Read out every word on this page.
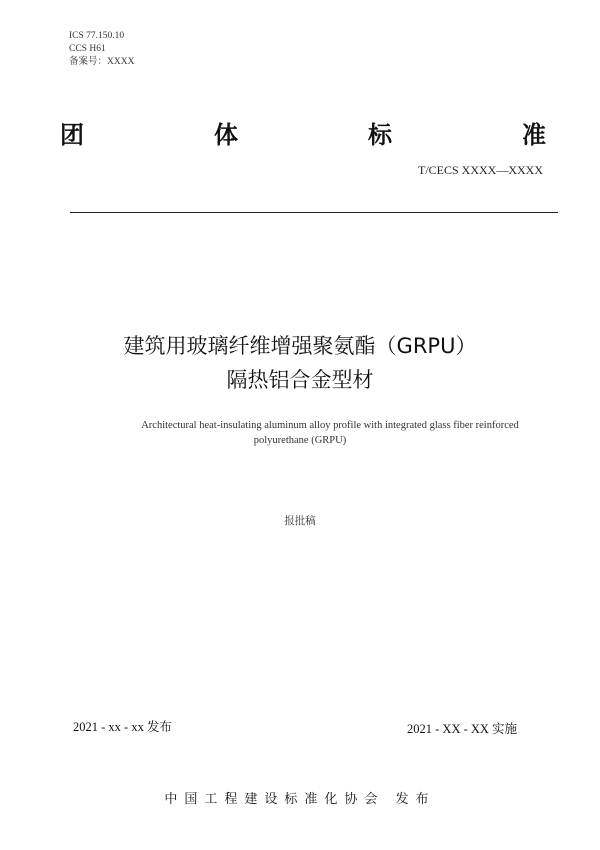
ICS 77.150.10
CCS H61
备案号：XXXX
团	体	标	准
T/CECS XXXX—XXXX
建筑用玻璃纤维增强聚氨酯（GRPU）
隔热铝合金型材
Architectural heat-insulating aluminum alloy profile with integrated glass fiber reinforced
polyurethane (GRPU)
报批稿
2021 - xx - xx 发布	2021 - XX - XX 实施
中国工程建设标准化协会 发布
